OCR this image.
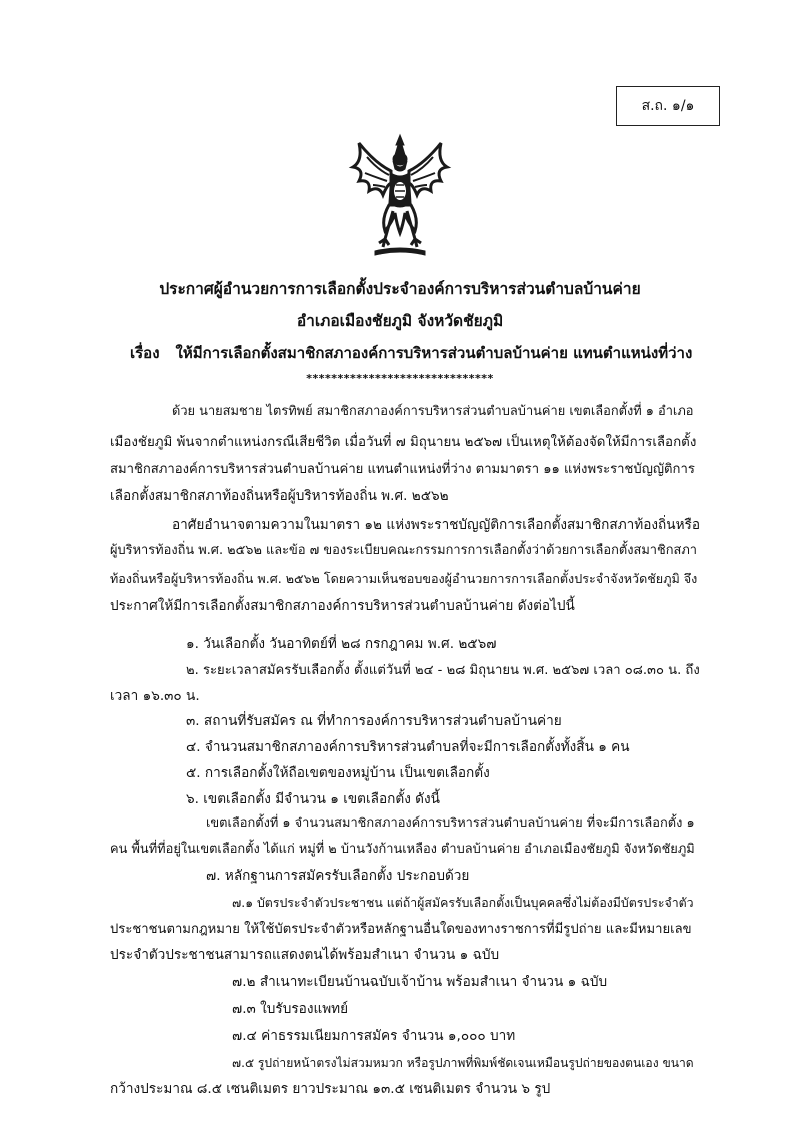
ส.ถ. ๑/๑
ประกาศผู้อำนวยการการเลือกตั้งประจำองค์การบริหารส่วนตำบลบ้านค่าย
อำเภอเมืองชัยภูมิ จังหวัดชัยภูมิ
เรื่อง ให้มีการเลือกตั้งสมาชิกสภาองค์การบริหารส่วนตำบลบ้านค่าย แทนตำแหน่งที่ว่าง
******************************
ด้วย นายสมชาย ไตรทิพย์ สมาชิกสภาองค์การบริหารส่วนตำบลบ้านค่าย เขตเลือกตั้งที่ ๑ อำเภอ
เมืองชัยภูมิ พ้นจากตำแหน่งกรณีเสียชีวิต เมื่อวันที่ ๗ มิถุนายน ๒๕๖๗ เป็นเหตุให้ต้องจัดให้มีการเลือกตั้ง
สมาชิกสภาองค์การบริหารส่วนตำบลบ้านค่าย แทนตำแหน่งที่ว่าง ตามมาตรา ๑๑ แห่งพระราชบัญญัติการ
เลือกตั้งสมาชิกสภาท้องถิ่นหรือผู้บริหารท้องถิ่น พ.ศ. ๒๕๖๒
อาศัยอำนาจตามความในมาตรา ๑๒ แห่งพระราชบัญญัติการเลือกตั้งสมาชิกสภาท้องถิ่นหรือ
ผู้บริหารท้องถิ่น พ.ศ. ๒๕๖๒ และข้อ ๗ ของระเบียบคณะกรรมการการเลือกตั้งว่าด้วยการเลือกตั้งสมาชิกสภา
ท้องถิ่นหรือผู้บริหารท้องถิ่น พ.ศ. ๒๕๖๒ โดยความเห็นชอบของผู้อำนวยการการเลือกตั้งประจำจังหวัดชัยภูมิ จึง
ประกาศให้มีการเลือกตั้งสมาชิกสภาองค์การบริหารส่วนตำบลบ้านค่าย ดังต่อไปนี้
๑. วันเลือกตั้ง วันอาทิตย์ที่ ๒๘ กรกฎาคม พ.ศ. ๒๕๖๗
๒. ระยะเวลาสมัครรับเลือกตั้ง ตั้งแต่วันที่ ๒๔ - ๒๘ มิถุนายน พ.ศ. ๒๕๖๗ เวลา ๐๘.๓๐ น. ถึง
เวลา ๑๖.๓๐ น.
๓. สถานที่รับสมัคร ณ ที่ทำการองค์การบริหารส่วนตำบลบ้านค่าย
๔. จำนวนสมาชิกสภาองค์การบริหารส่วนตำบลที่จะมีการเลือกตั้งทั้งสิ้น ๑ คน
๕. การเลือกตั้งให้ถือเขตของหมู่บ้าน เป็นเขตเลือกตั้ง
๖. เขตเลือกตั้ง มีจำนวน ๑ เขตเลือกตั้ง ดังนี้
เขตเลือกตั้งที่ ๑ จำนวนสมาชิกสภาองค์การบริหารส่วนตำบลบ้านค่าย ที่จะมีการเลือกตั้ง ๑
คน พื้นที่ที่อยู่ในเขตเลือกตั้ง ได้แก่ หมู่ที่ ๒ บ้านวังก้านเหลือง ตำบลบ้านค่าย อำเภอเมืองชัยภูมิ จังหวัดชัยภูมิ
๗. หลักฐานการสมัครรับเลือกตั้ง ประกอบด้วย
๗.๑ บัตรประจำตัวประชาชน แต่ถ้าผู้สมัครรับเลือกตั้งเป็นบุคคลซึ่งไม่ต้องมีบัตรประจำตัว
ประชาชนตามกฎหมาย ให้ใช้บัตรประจำตัวหรือหลักฐานอื่นใดของทางราชการที่มีรูปถ่าย และมีหมายเลข
ประจำตัวประชาชนสามารถแสดงตนได้พร้อมสำเนา จำนวน ๑ ฉบับ
๗.๒ สำเนาทะเบียนบ้านฉบับเจ้าบ้าน พร้อมสำเนา จำนวน ๑ ฉบับ
๗.๓ ใบรับรองแพทย์
๗.๔ ค่าธรรมเนียมการสมัคร จำนวน ๑,๐๐๐ บาท
๗.๕ รูปถ่ายหน้าตรงไม่สวมหมวก หรือรูปภาพที่พิมพ์ชัดเจนเหมือนรูปถ่ายของตนเอง ขนาด
กว้างประมาณ ๘.๕ เซนติเมตร ยาวประมาณ ๑๓.๕ เซนติเมตร จำนวน ๖ รูป
